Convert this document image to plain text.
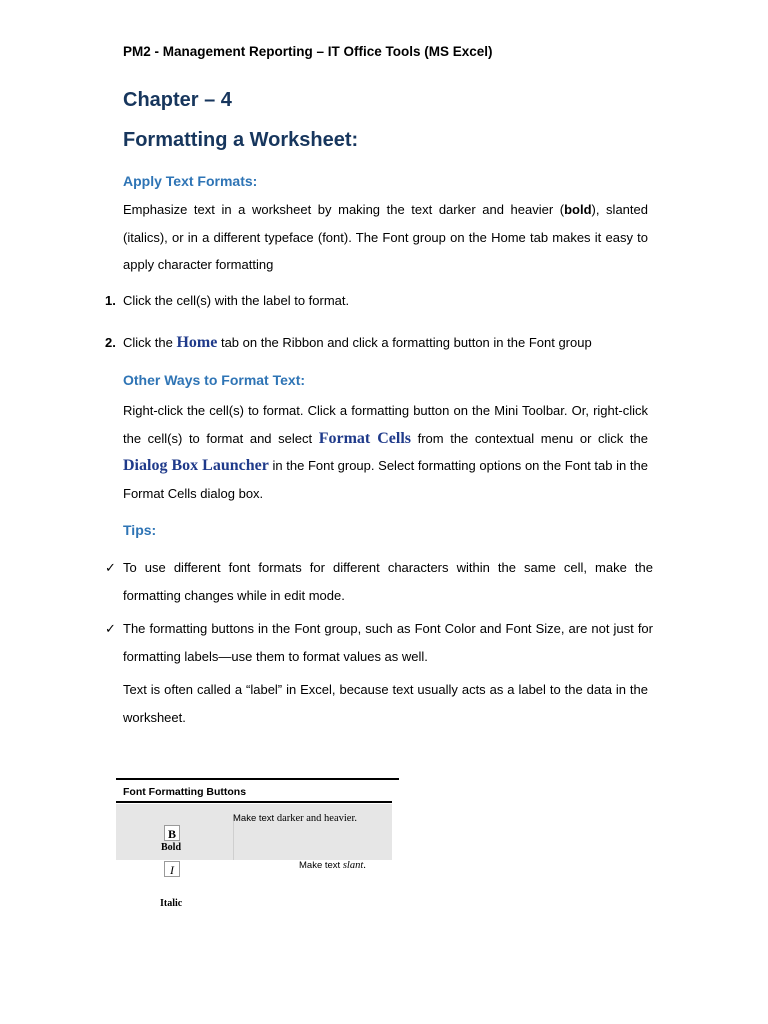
PM2 - Management Reporting – IT Office Tools (MS Excel)
Chapter – 4
Formatting a Worksheet:
Apply Text Formats:
Emphasize text in a worksheet by making the text darker and heavier (bold), slanted (italics), or in a different typeface (font). The Font group on the Home tab makes it easy to apply character formatting
1. Click the cell(s) with the label to format.
2. Click the Home tab on the Ribbon and click a formatting button in the Font group
Other Ways to Format Text:
Right-click the cell(s) to format. Click a formatting button on the Mini Toolbar. Or, right-click the cell(s) to format and select Format Cells from the contextual menu or click the Dialog Box Launcher in the Font group. Select formatting options on the Font tab in the Format Cells dialog box.
Tips:
✓ To use different font formats for different characters within the same cell, make the formatting changes while in edit mode.
✓ The formatting buttons in the Font group, such as Font Color and Font Size, are not just for formatting labels—use them to format values as well.
Text is often called a “label” in Excel, because text usually acts as a label to the data in the worksheet.
Font Formatting Buttons
B
Bold
Make text darker and heavier.
I
Italic
Make text slant.
